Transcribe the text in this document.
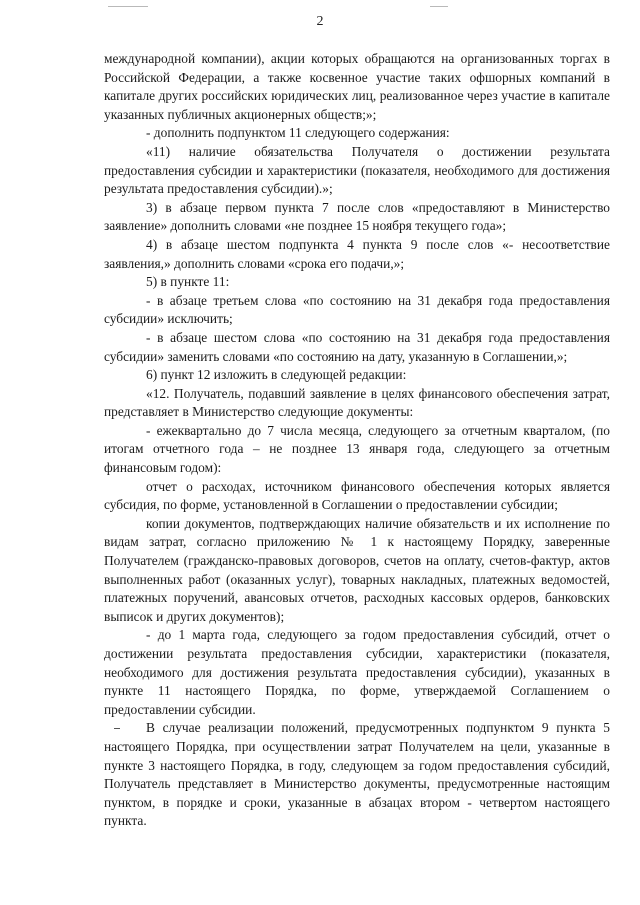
2

международной компании), акции которых обращаются на организованных торгах в Российской Федерации, а также косвенное участие таких офшорных компаний в капитале других российских юридических лиц, реализованное через участие в капитале указанных публичных акционерных обществ;»;

- дополнить подпунктом 11 следующего содержания:

«11) наличие обязательства Получателя о достижении результата предоставления субсидии и характеристики (показателя, необходимого для достижения результата предоставления субсидии).»;

3) в абзаце первом пункта 7 после слов «предоставляют в Министерство заявление» дополнить словами «не позднее 15 ноября текущего года»;

4) в абзаце шестом подпункта 4 пункта 9 после слов «- несоответствие заявления,» дополнить словами «срока его подачи,»;

5) в пункте 11:

- в абзаце третьем слова «по состоянию на 31 декабря года предоставления субсидии» исключить;

- в абзаце шестом слова «по состоянию на 31 декабря года предоставления субсидии» заменить словами «по состоянию на дату, указанную в Соглашении,»;

6) пункт 12 изложить в следующей редакции:

«12. Получатель, подавший заявление в целях финансового обеспечения затрат, представляет в Министерство следующие документы:

- ежеквартально до 7 числа месяца, следующего за отчетным кварталом, (по итогам отчетного года – не позднее 13 января года, следующего за отчетным финансовым годом):

отчет о расходах, источником финансового обеспечения которых является субсидия, по форме, установленной в Соглашении о предоставлении субсидии;

копии документов, подтверждающих наличие обязательств и их исполнение по видам затрат, согласно приложению № 1 к настоящему Порядку, заверенные Получателем (гражданско-правовых договоров, счетов на оплату, счетов-фактур, актов выполненных работ (оказанных услуг), товарных накладных, платежных ведомостей, платежных поручений, авансовых отчетов, расходных кассовых ордеров, банковских выписок и других документов);

- до 1 марта года, следующего за годом предоставления субсидий, отчет о достижении результата предоставления субсидии, характеристики (показателя, необходимого для достижения результата предоставления субсидии), указанных в пункте 11 настоящего Порядка, по форме, утверждаемой Соглашением о предоставлении субсидии.

В случае реализации положений, предусмотренных подпунктом 9 пункта 5 настоящего Порядка, при осуществлении затрат Получателем на цели, указанные в пункте 3 настоящего Порядка, в году, следующем за годом предоставления субсидий, Получатель представляет в Министерство документы, предусмотренные настоящим пунктом, в порядке и сроки, указанные в абзацах втором - четвертом настоящего пункта.
